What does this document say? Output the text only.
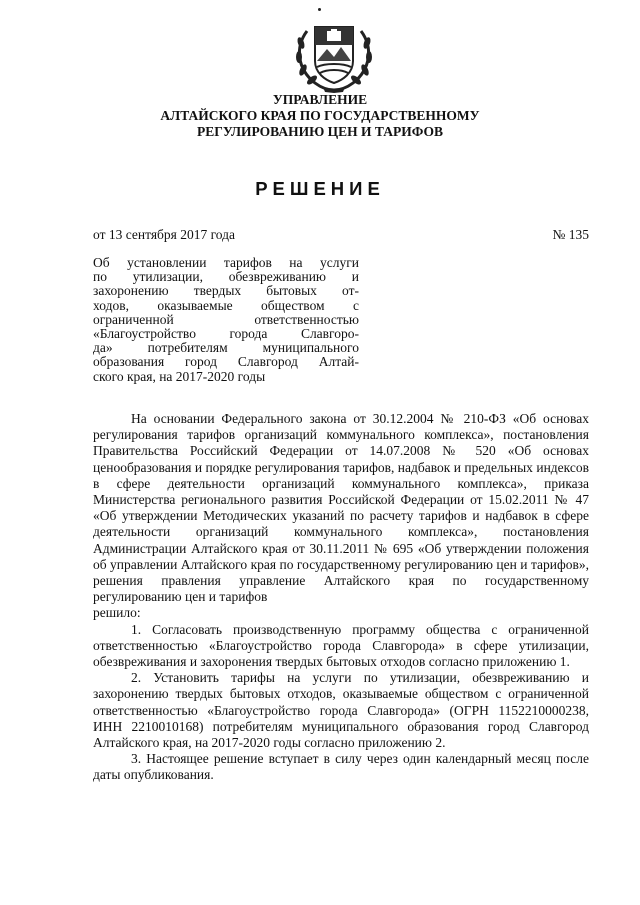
УПРАВЛЕНИЕ
АЛТАЙСКОГО КРАЯ ПО ГОСУДАРСТВЕННОМУ
РЕГУЛИРОВАНИЮ ЦЕН И ТАРИФОВ
РЕШЕНИЕ
от 13 сентября 2017 года	№ 135
Об установлении тарифов на услуги
по утилизации, обезвреживанию и
захоронению твердых бытовых от-
ходов, оказываемые обществом с
ограниченной ответственностью
«Благоустройство города Славгоро-
да» потребителям муниципального
образования город Славгород Алтай-
ского края, на 2017-2020 годы

На основании Федерального закона от 30.12.2004 № 210-ФЗ «Об основах регулирования тарифов организаций коммунального комплекса», постановления Правительства Российский Федерации от 14.07.2008 № 520 «Об основах ценообразования и порядке регулирования тарифов, надбавок и предельных индексов в сфере деятельности организаций коммунального комплекса», приказа Министерства регионального развития Российской Федерации от 15.02.2011 № 47 «Об утверждении Методических указаний по расчету тарифов и надбавок в сфере деятельности организаций коммунального комплекса», постановления Администрации Алтайского края от 30.11.2011 № 695 «Об утверждении положения об управлении Алтайского края по государственному регулированию цен и тарифов», решения правления управление Алтайского края по государственному регулированию цен и тарифов

решило:

1. Согласовать производственную программу общества с ограниченной ответственностью «Благоустройство города Славгорода» в сфере утилизации, обезвреживания и захоронения твердых бытовых отходов согласно приложению 1.

2. Установить тарифы на услуги по утилизации, обезвреживанию и захоронению твердых бытовых отходов, оказываемые обществом с ограниченной ответственностью «Благоустройство города Славгорода» (ОГРН 1152210000238, ИНН 2210010168) потребителям муниципального образования город Славгород Алтайского края, на 2017-2020 годы согласно приложению 2.

3. Настоящее решение вступает в силу через один календарный месяц после даты опубликования.
